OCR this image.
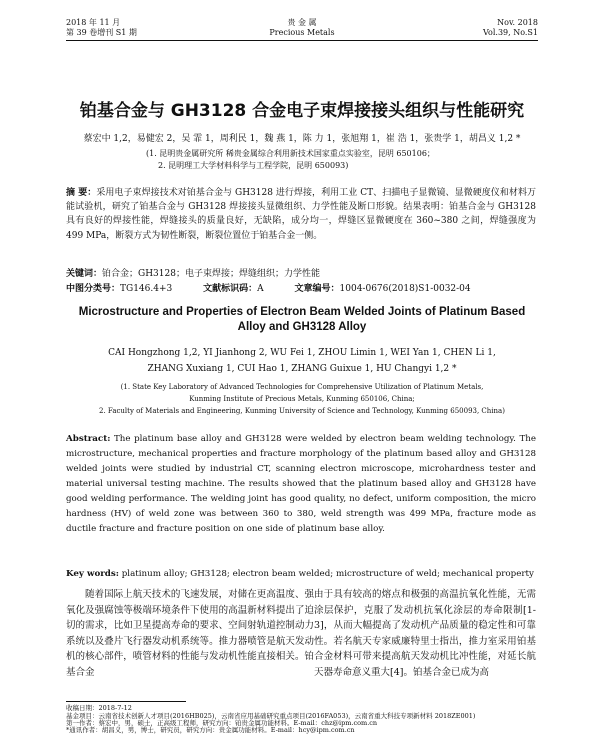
2018 年 11 月
第 39 卷增刊 S1 期
贵 金 属
Precious Metals
Nov. 2018
Vol.39, No.S1
铂基合金与 GH3128 合金电子束焊接接头组织与性能研究
蔡宏中 1,2，易健宏 2，吴 霏 1，周利民 1，魏 燕 1，陈 力 1，张旭翔 1，崔 浩 1，张贵学 1，胡昌义 1,2 *
(1. 昆明贵金属研究所 稀贵金属综合利用新技术国家重点实验室，昆明 650106；
2. 昆明理工大学材料科学与工程学院，昆明 650093)
摘 要：采用电子束焊接技术对铂基合金与 GH3128 进行焊接，利用工业 CT、扫描电子显微镜、显微硬度仪和材料万能试验机，研究了铂基合金与 GH3128 焊接接头显微组织、力学性能及断口形貌。结果表明：铂基合金与 GH3128 具有良好的焊接性能，焊缝接头的质量良好，无缺陷，成分均一，焊缝区显微硬度在 360~380 之间，焊缝强度为 499 MPa，断裂方式为韧性断裂，断裂位置位于铂基合金一侧。
关键词：铂合金；GH3128；电子束焊接；焊缝组织；力学性能
中图分类号：TG146.4+3	文献标识码：A	文章编号：1004-0676(2018)S1-0032-04
Microstructure and Properties of Electron Beam Welded Joints of Platinum Based Alloy and GH3128 Alloy
CAI Hongzhong 1,2, YI Jianhong 2, WU Fei 1, ZHOU Limin 1, WEI Yan 1, CHEN Li 1,
ZHANG Xuxiang 1, CUI Hao 1, ZHANG Guixue 1, HU Changyi 1,2 *
(1. State Key Laboratory of Advanced Technologies for Comprehensive Utilization of Platinum Metals,
Kunming Institute of Precious Metals, Kunming 650106, China;
2. Faculty of Materials and Engineering, Kunming University of Science and Technology, Kunming 650093, China)
Abstract: The platinum base alloy and GH3128 were welded by electron beam welding technology. The microstructure, mechanical properties and fracture morphology of the platinum based alloy and GH3128 welded joints were studied by industrial CT, scanning electron microscope, microhardness tester and material universal testing machine. The results showed that the platinum based alloy and GH3128 have good welding performance. The welding joint has good quality, no defect, uniform composition, the micro hardness (HV) of weld zone was between 360 to 380, weld strength was 499 MPa, fracture mode as ductile fracture and fracture position on one side of platinum base alloy.
Key words: platinum alloy; GH3128; electron beam welded; microstructure of weld; mechanical property
随着国际上航天技术的飞速发展，对储在更高温度、强氧化及强腐蚀等极端环境条件下使用的高温新材料提出了迫切的需求，比如卫星提高寿命的要求、空间射轨道控制动力系统以及叠片飞行器发动机系统等。推力器喷管是航天发动机的核心部件，喷管材料的性能与发动机性能直接相关。铂基合金
由于具有较高的熔点和极强的高温抗氧化性能，无需涂层保护，克服了发动机抗氧化涂层的寿命限制[1-3]，从而大幅提高了发动机产品质量的稳定性和可靠性。若名航天专家威廉特里士指出，推力室采用铂基合金材料可带来提高航天发动机比冲性能，对延长航天器寿命意义重大[4]。铂基合金已成为高
收稿日期：2018-7-12
基金项目：云南省技术创新人才项目(2016HB025)，云南省应用基础研究重点项目(2016FA053)，云南省重大科技专项新材料 2018ZE001)
第一作者：蔡宏中，男，硕士，正高级工程师，研究方向：铂贵金属功能材料。E-mail：chz@ipm.com.cn
*通讯作者：胡昌义，男，博士，研究员，研究方向：贵金属功能材料。E-mail：hcy@ipm.com.cn
